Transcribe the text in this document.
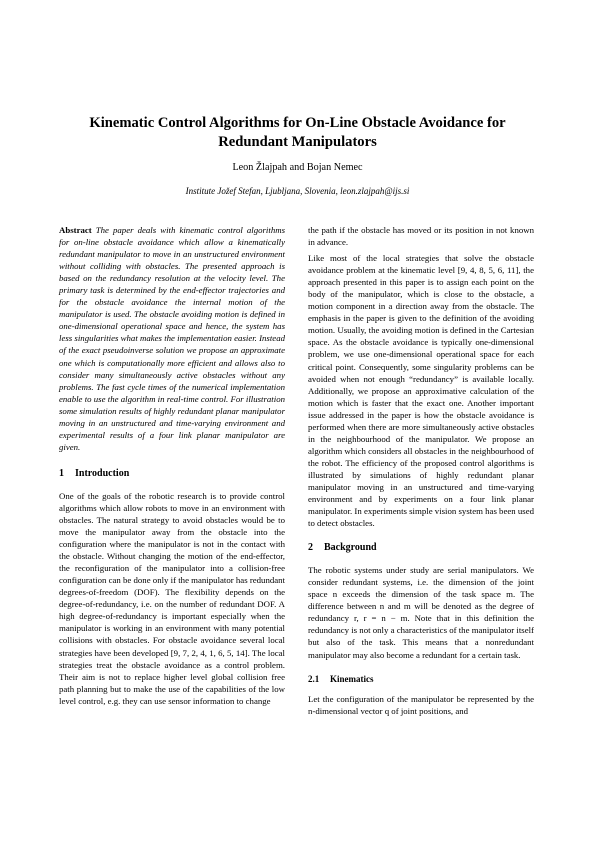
Kinematic Control Algorithms for On-Line Obstacle Avoidance for Redundant Manipulators
Leon Žlajpah and Bojan Nemec
Institute Jožef Stefan, Ljubljana, Slovenia, leon.zlajpah@ijs.si

Abstract The paper deals with kinematic control algorithms for on-line obstacle avoidance which allow a kinematically redundant manipulator to move in an unstructured environment without colliding with obstacles. The presented approach is based on the redundancy resolution at the velocity level. The primary task is determined by the end-effector trajectories and for the obstacle avoidance the internal motion of the manipulator is used. The obstacle avoiding motion is defined in one-dimensional operational space and hence, the system has less singularities what makes the implementation easier. Instead of the exact pseudoinverse solution we propose an approximate one which is computationally more efficient and allows also to consider many simultaneously active obstacles without any problems. The fast cycle times of the numerical implementation enable to use the algorithm in real-time control. For illustration some simulation results of highly redundant planar manipulator moving in an unstructured and time-varying environment and experimental results of a four link planar manipulator are given.

1 Introduction

One of the goals of the robotic research is to provide control algorithms which allow robots to move in an environment with obstacles. The natural strategy to avoid obstacles would be to move the manipulator away from the obstacle into the configuration where the manipulator is not in the contact with the obstacle. Without changing the motion of the end-effector, the reconfiguration of the manipulator into a collision-free configuration can be done only if the manipulator has redundant degrees-of-freedom (DOF). The flexibility depends on the degree-of-redundancy, i.e. on the number of redundant DOF. A high degree-of-redundancy is important especially when the manipulator is working in an environment with many potential collisions with obstacles. For obstacle avoidance several local strategies have been developed [9, 7, 2, 4, 1, 6, 5, 14]. The local strategies treat the obstacle avoidance as a control problem. Their aim is not to replace higher level global collision free path planning but to make the use of the capabilities of the low level control, e.g. they can use sensor information to change

the path if the obstacle has moved or its position in not known in advance.

Like most of the local strategies that solve the obstacle avoidance problem at the kinematic level [9, 4, 8, 5, 6, 11], the approach presented in this paper is to assign each point on the body of the manipulator, which is close to the obstacle, a motion component in a direction away from the obstacle. The emphasis in the paper is given to the definition of the avoiding motion. Usually, the avoiding motion is defined in the Cartesian space. As the obstacle avoidance is typically one-dimensional problem, we use one-dimensional operational space for each critical point. Consequently, some singularity problems can be avoided when not enough “redundancy” is available locally. Additionally, we propose an approximative calculation of the motion which is faster that the exact one. Another important issue addressed in the paper is how the obstacle avoidance is performed when there are more simultaneously active obstacles in the neighbourhood of the manipulator. We propose an algorithm which considers all obstacles in the neighbourhood of the robot. The efficiency of the proposed control algorithms is illustrated by simulations of highly redundant planar manipulator moving in an unstructured and time-varying environment and by experiments on a four link planar manipulator. In experiments simple vision system has been used to detect obstacles.

2 Background

The robotic systems under study are serial manipulators. We consider redundant systems, i.e. the dimension of the joint space n exceeds the dimension of the task space m. The difference between n and m will be denoted as the degree of redundancy r, r = n − m. Note that in this definition the redundancy is not only a characteristics of the manipulator itself but also of the task. This means that a nonredundant manipulator may also become a redundant for a certain task.

2.1 Kinematics

Let the configuration of the manipulator be represented by the n-dimensional vector q of joint positions, and
